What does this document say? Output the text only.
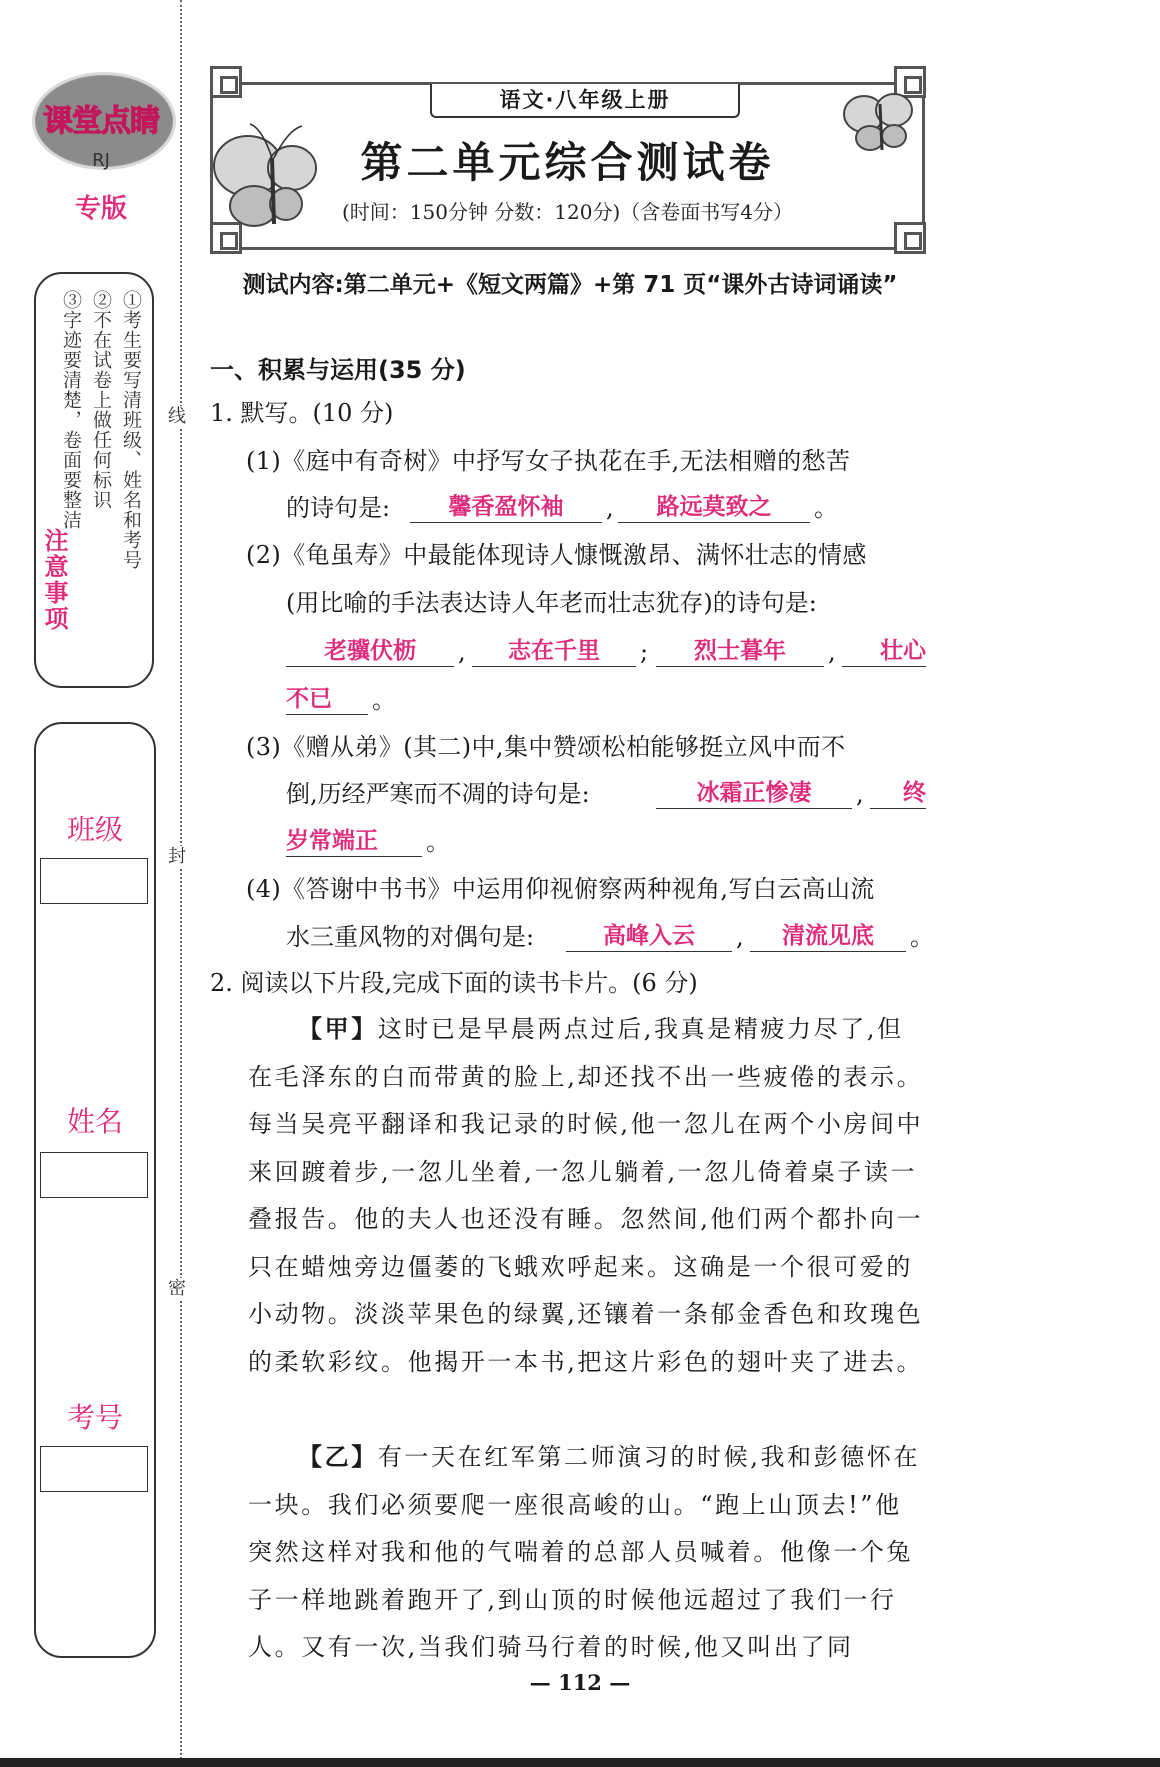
课堂点睛
RJ
专版
①考生要写清班级、姓名和考号
②不在试卷上做任何标识
③字迹要清楚，卷面要整洁
注意事项
班级
姓名
考号
线
封
密
语文·八年级上册
第二单元综合测试卷
(时间：150分钟 分数：120分)（含卷面书写4分）
测试内容:第二单元+《短文两篇》+第 71 页“课外古诗词诵读”
一、积累与运用(35 分)
1. 默写。(10 分)
(1)《庭中有奇树》中抒写女子执花在手,无法相赠的愁苦
的诗句是:	馨香盈怀袖	,	路远莫致之	。
(2)《龟虽寿》中最能体现诗人慷慨激昂、满怀壮志的情感
(用比喻的手法表达诗人年老而壮志犹存)的诗句是:
老骥伏枥	,	志在千里	;	烈士暮年	,	壮心
不已	。
(3)《赠从弟》(其二)中,集中赞颂松柏能够挺立风中而不
倒,历经严寒而不凋的诗句是:	冰霜正惨凄	,	终
岁常端正	。
(4)《答谢中书书》中运用仰视俯察两种视角,写白云高山流
水三重风物的对偶句是:	高峰入云	,	清流见底	。
2. 阅读以下片段,完成下面的读书卡片。(6 分)

【甲】这时已是早晨两点过后,我真是精疲力尽了,但在毛泽东的白而带黄的脸上,却还找不出一些疲倦的表示。每当吴亮平翻译和我记录的时候,他一忽儿在两个小房间中来回踱着步,一忽儿坐着,一忽儿躺着,一忽儿倚着桌子读一叠报告。他的夫人也还没有睡。忽然间,他们两个都扑向一只在蜡烛旁边僵萎的飞蛾欢呼起来。这确是一个很可爱的小动物。淡淡苹果色的绿翼,还镶着一条郁金香色和玫瑰色的柔软彩纹。他揭开一本书,把这片彩色的翅叶夹了进去。

【乙】有一天在红军第二师演习的时候,我和彭德怀在一块。我们必须要爬一座很高峻的山。“跑上山顶去!”他突然这样对我和他的气喘着的总部人员喊着。他像一个兔子一样地跳着跑开了,到山顶的时候他远超过了我们一行人。又有一次,当我们骑马行着的时候,他又叫出了同

— 112 —
